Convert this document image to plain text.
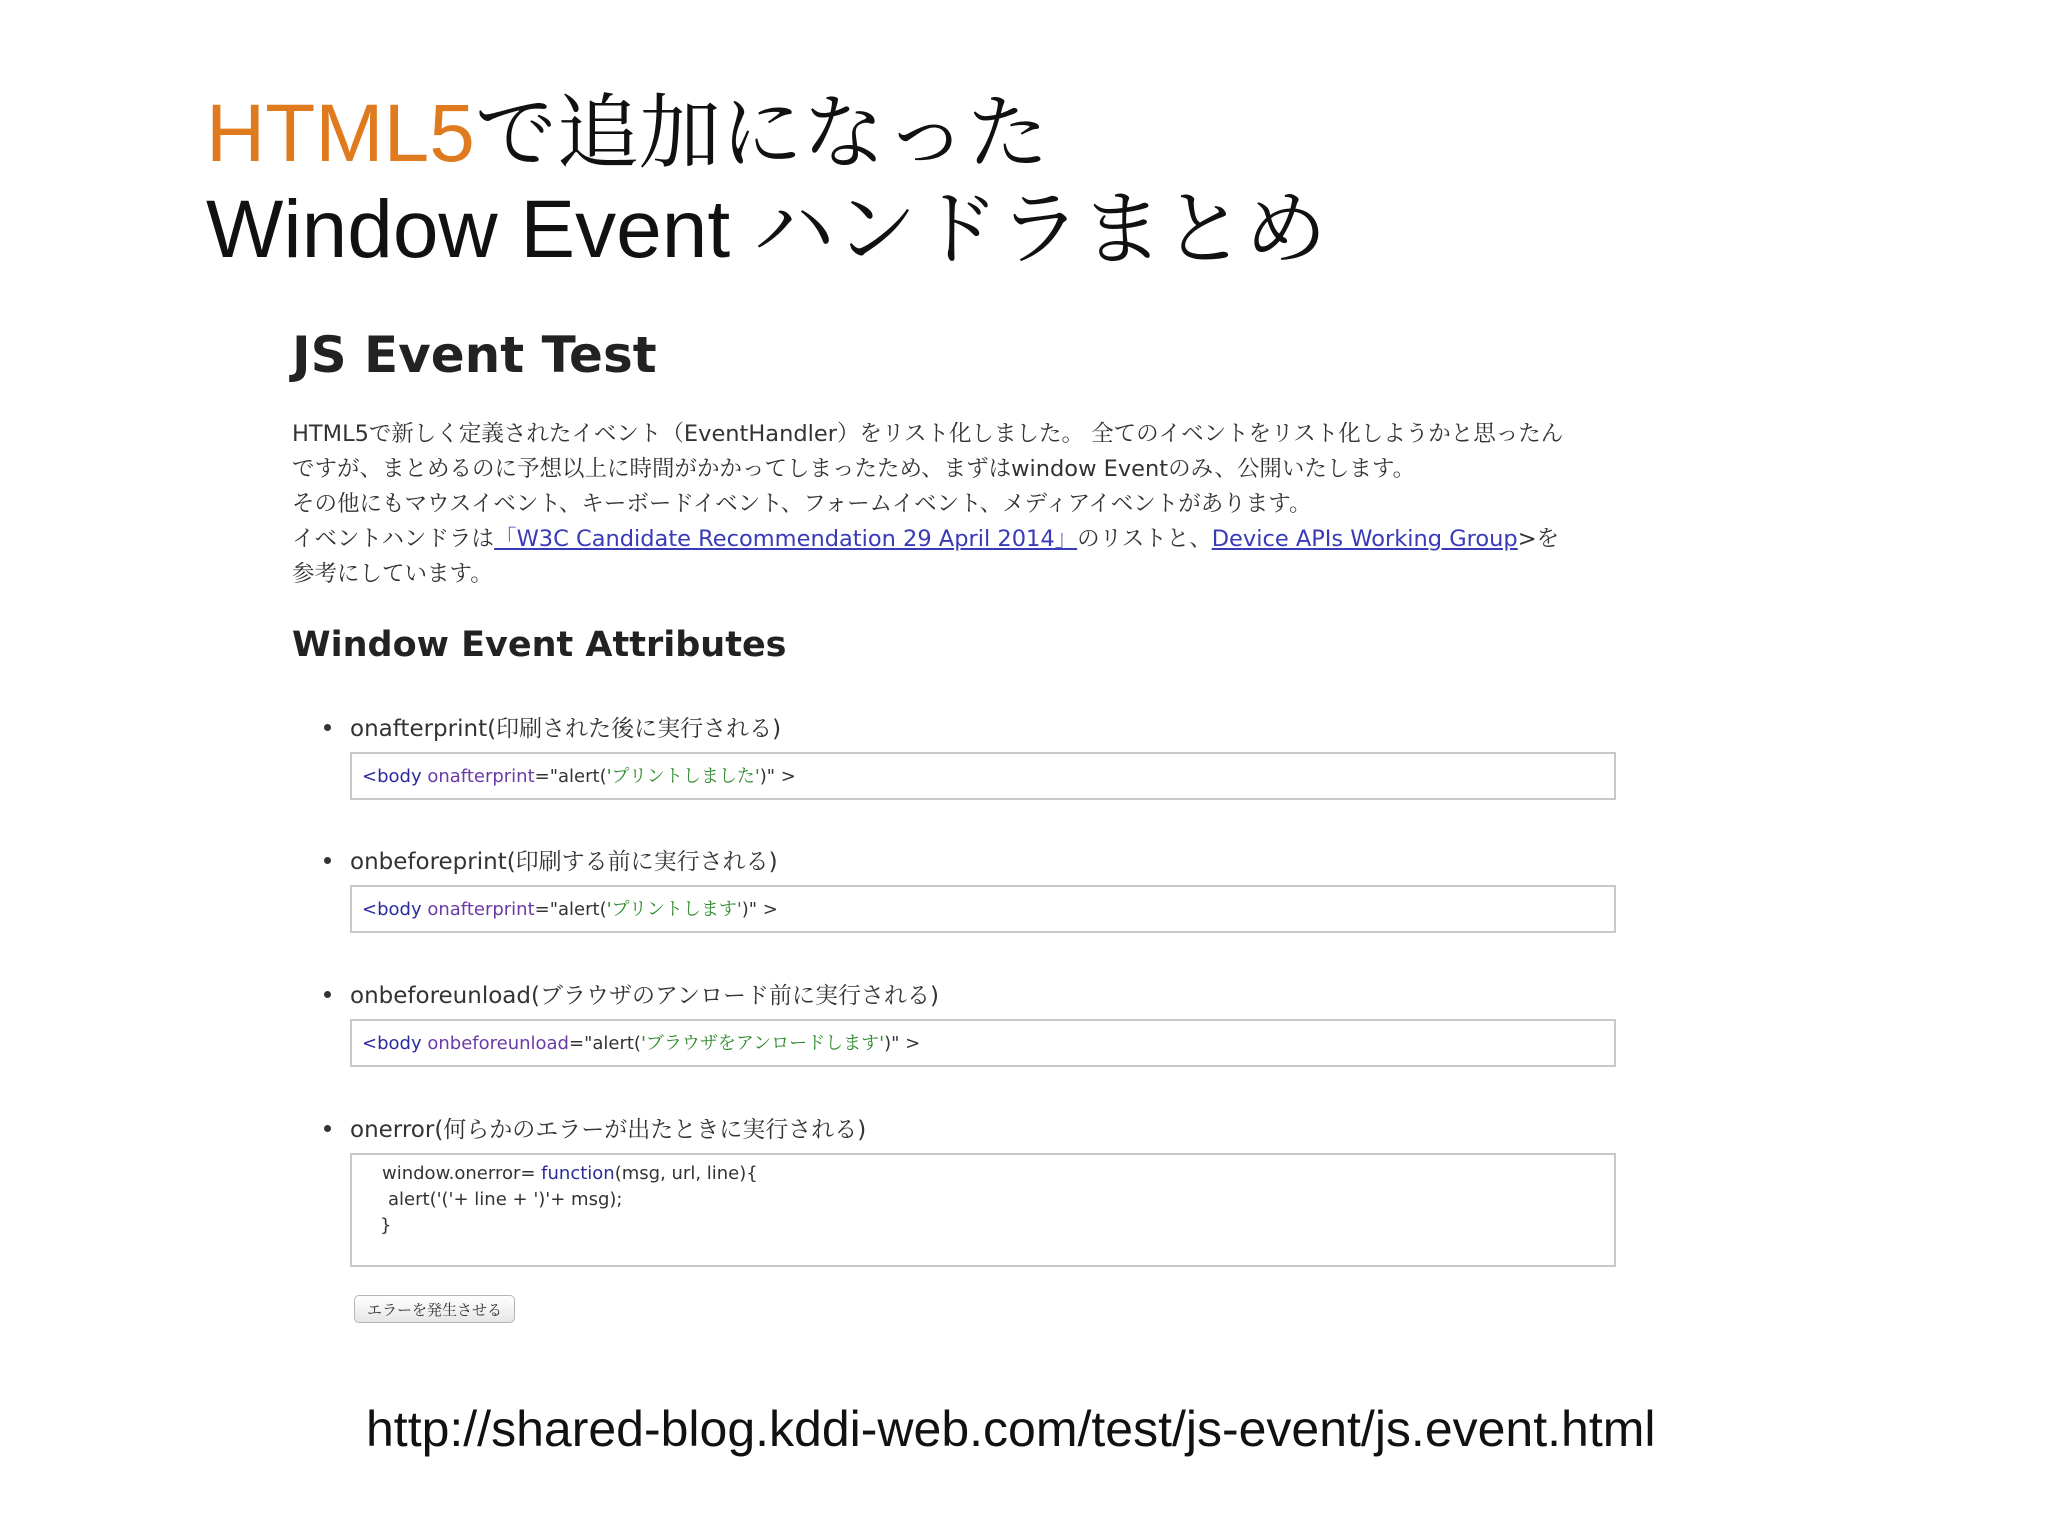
HTML5で追加になった
Window Event ハンドラまとめ
JS Event Test

HTML5で新しく定義されたイベント（EventHandler）をリスト化しました。 全てのイベントをリスト化しようかと思ったん

ですが、まとめるのに予想以上に時間がかかってしまったため、まずはwindow Eventのみ、公開いたします。

その他にもマウスイベント、キーボードイベント、フォームイベント、メディアイベントがあります。

イベントハンドラは「W3C Candidate Recommendation 29 April 2014」のリストと、Device APIs Working Group>を

参考にしています。

Window Event Attributes
onafterprint(印刷された後に実行される)
<body onafterprint="alert('プリントしました')" >
onbeforeprint(印刷する前に実行される)
<body onafterprint="alert('プリントします')" >
onbeforeunload(ブラウザのアンロード前に実行される)
<body onbeforeunload="alert('ブラウザをアンロードします')" >
onerror(何らかのエラーが出たときに実行される)
window.onerror= function(msg, url, line){
alert('('+ line + ')'+ msg);
}
エラーを発生させる

http://shared-blog.kddi-web.com/test/js-event/js.event.html
